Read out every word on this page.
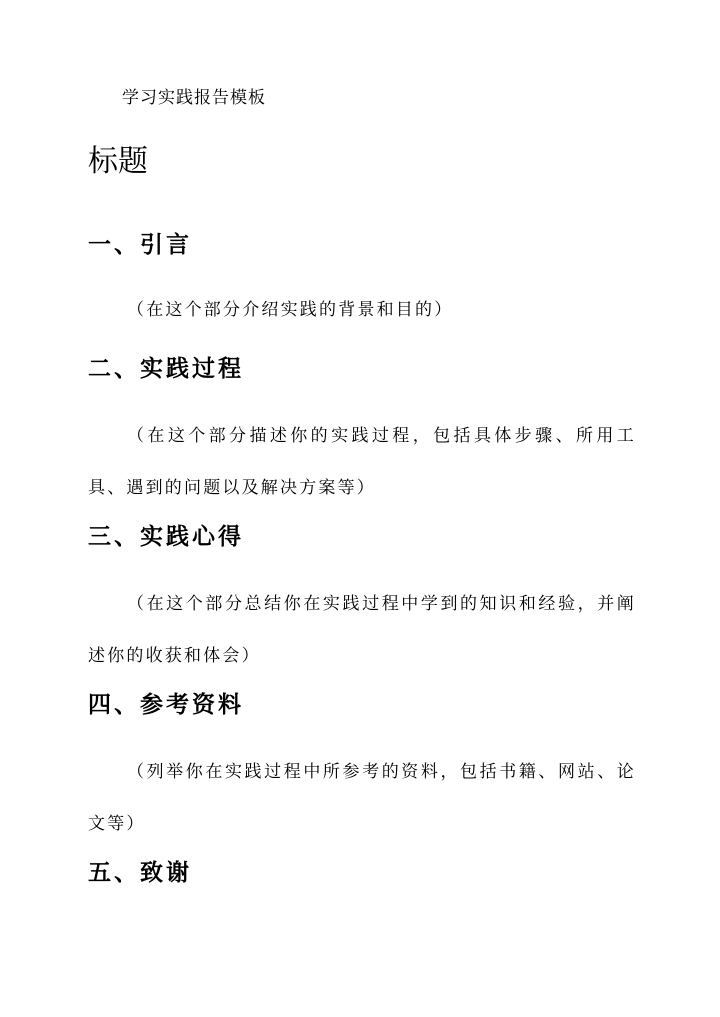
学习实践报告模板
标题
一、引言

（在这个部分介绍实践的背景和目的）

二、实践过程

（在这个部分描述你的实践过程，包括具体步骤、所用工具、遇到的问题以及解决方案等）

三、实践心得

（在这个部分总结你在实践过程中学到的知识和经验，并阐述你的收获和体会）

四、参考资料

（列举你在实践过程中所参考的资料，包括书籍、网站、论文等）

五、致谢
